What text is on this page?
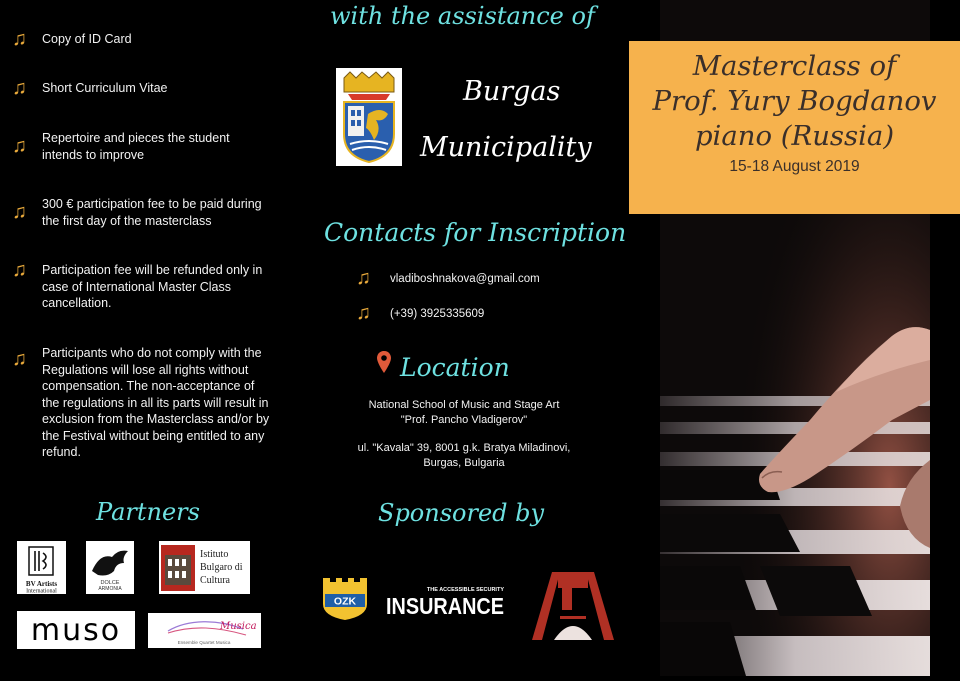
♫	Copy of ID Card
♫	Short Curriculum Vitae
♫	Repertoire and pieces the student intends to improve
♫	300 € participation fee to be paid during the first day of the masterclass
♫	Participation fee will be refunded only in case of International Master Class cancellation.
♫	Participants who do not comply with the Regulations will lose all rights without compensation. The non-acceptance of the regulations in all its parts will result in exclusion from the Masterclass and/or by the Festival without being entitled to any refund.
Partners
BV Artists
International
DOLCE
ARMONIA
Istituto
Bulgaro di
Cultura
muso	Musica
Ensemble Quartet Musica
with the assistance of
Burgas
Municipality
Contacts for Inscription
♫	vladiboshnakova@gmail.com
♫	(+39) 3925335609
Location
National School of Music and Stage Art
"Prof. Pancho Vladigerov"
ul. "Kavala" 39, 8001 g.k. Bratya Miladinovi,
Burgas, Bulgaria
Sponsored by
OZK
THE ACCESSIBLE SECURITY
INSURANCE
Masterclass of
Prof. Yury Bogdanov
piano (Russia)
15-18 August 2019
